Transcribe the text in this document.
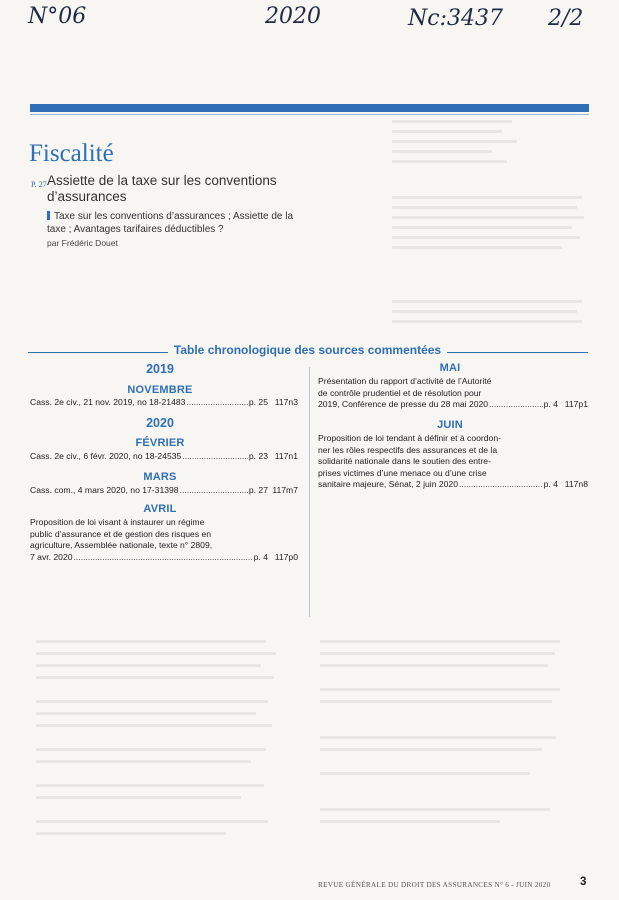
N°06	2020	Nc:3437 2/2
Fiscalité
P. 27 Assiette de la taxe sur les conventions d’assurances
Taxe sur les conventions d’assurances ; Assiette de la taxe ; Avantages tarifaires déductibles ?
par Frédéric Douet
Table chronologique des sources commentées
2019
NOVEMBRE
Cass. 2e civ., 21 nov. 2019, no 18-21483 .....	p. 25 117n3
2020
FÉVRIER
Cass. 2e civ., 6 févr. 2020, no 18-24535 .....	p. 23 117n1
MARS
Cass. com., 4 mars 2020, no 17-31398 .....	p. 27 117m7
AVRIL
Proposition de loi visant à instaurer un régime
public d’assurance et de gestion des risques en
agriculture, Assemblée nationale, texte n° 2809,
7 avr. 2020 .....	p. 4 117p0
MAI
Présentation du rapport d’activité de l’Autorité
de contrôle prudentiel et de résolution pour
2019, Conférence de presse du 28 mai 2020 .....	p. 4 117p1
JUIN
Proposition de loi tendant à définir et à coordon-
ner les rôles respectifs des assurances et de la
solidarité nationale dans le soutien des entre-
prises victimes d’une menace ou d’une crise
sanitaire majeure, Sénat, 2 juin 2020 .....	p. 4 117n8
REVUE GÉNÉRALE DU DROIT DES ASSURANCES N° 6 - JUIN 2020	3
